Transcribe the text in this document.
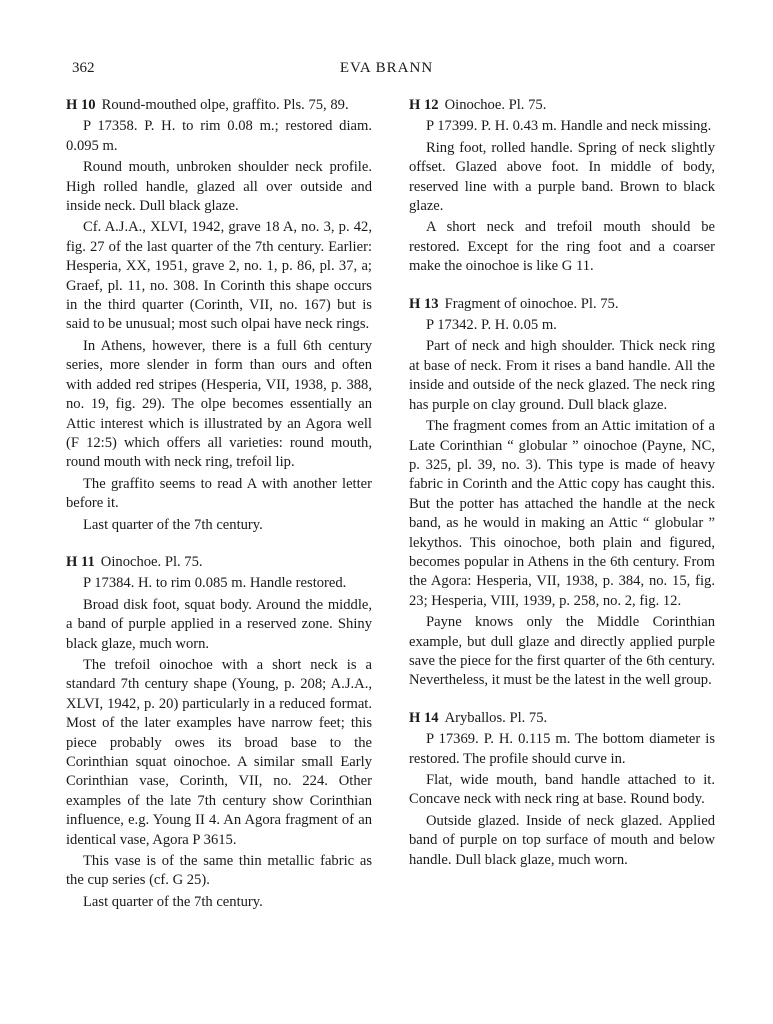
362	EVA BRANN

H 10 Round-mouthed olpe, graffito. Pls. 75, 89.

P 17358. P. H. to rim 0.08 m.; restored diam. 0.095 m.

Round mouth, unbroken shoulder neck profile. High rolled handle, glazed all over outside and inside neck. Dull black glaze.

Cf. A.J.A., XLVI, 1942, grave 18 A, no. 3, p. 42, fig. 27 of the last quarter of the 7th century. Earlier: Hesperia, XX, 1951, grave 2, no. 1, p. 86, pl. 37, a; Graef, pl. 11, no. 308. In Corinth this shape occurs in the third quarter (Corinth, VII, no. 167) but is said to be unusual; most such olpai have neck rings.

In Athens, however, there is a full 6th century series, more slender in form than ours and often with added red stripes (Hesperia, VII, 1938, p. 388, no. 19, fig. 29). The olpe becomes essentially an Attic interest which is illustrated by an Agora well (F 12:5) which offers all varieties: round mouth, round mouth with neck ring, trefoil lip.

The graffito seems to read A with another letter before it.

Last quarter of the 7th century.

H 11 Oinochoe. Pl. 75.

P 17384. H. to rim 0.085 m. Handle restored.

Broad disk foot, squat body. Around the middle, a band of purple applied in a reserved zone. Shiny black glaze, much worn.

The trefoil oinochoe with a short neck is a standard 7th century shape (Young, p. 208; A.J.A., XLVI, 1942, p. 20) particularly in a reduced format. Most of the later examples have narrow feet; this piece probably owes its broad base to the Corinthian squat oinochoe. A similar small Early Corinthian vase, Corinth, VII, no. 224. Other examples of the late 7th century show Corinthian influence, e.g. Young II 4. An Agora fragment of an identical vase, Agora P 3615.

This vase is of the same thin metallic fabric as the cup series (cf. G 25).

Last quarter of the 7th century.

H 12 Oinochoe. Pl. 75.

P 17399. P. H. 0.43 m. Handle and neck missing.

Ring foot, rolled handle. Spring of neck slightly offset. Glazed above foot. In middle of body, reserved line with a purple band. Brown to black glaze.

A short neck and trefoil mouth should be restored. Except for the ring foot and a coarser make the oinochoe is like G 11.

H 13 Fragment of oinochoe. Pl. 75.

P 17342. P. H. 0.05 m.

Part of neck and high shoulder. Thick neck ring at base of neck. From it rises a band handle. All the inside and outside of the neck glazed. The neck ring has purple on clay ground. Dull black glaze.

The fragment comes from an Attic imitation of a Late Corinthian “ globular ” oinochoe (Payne, NC, p. 325, pl. 39, no. 3). This type is made of heavy fabric in Corinth and the Attic copy has caught this. But the potter has attached the handle at the neck band, as he would in making an Attic “ globular ” lekythos. This oinochoe, both plain and figured, becomes popular in Athens in the 6th century. From the Agora: Hesperia, VII, 1938, p. 384, no. 15, fig. 23; Hesperia, VIII, 1939, p. 258, no. 2, fig. 12.

Payne knows only the Middle Corinthian example, but dull glaze and directly applied purple save the piece for the first quarter of the 6th century. Nevertheless, it must be the latest in the well group.

H 14 Aryballos. Pl. 75.

P 17369. P. H. 0.115 m. The bottom diameter is restored. The profile should curve in.

Flat, wide mouth, band handle attached to it. Concave neck with neck ring at base. Round body.

Outside glazed. Inside of neck glazed. Applied band of purple on top surface of mouth and below handle. Dull black glaze, much worn.
